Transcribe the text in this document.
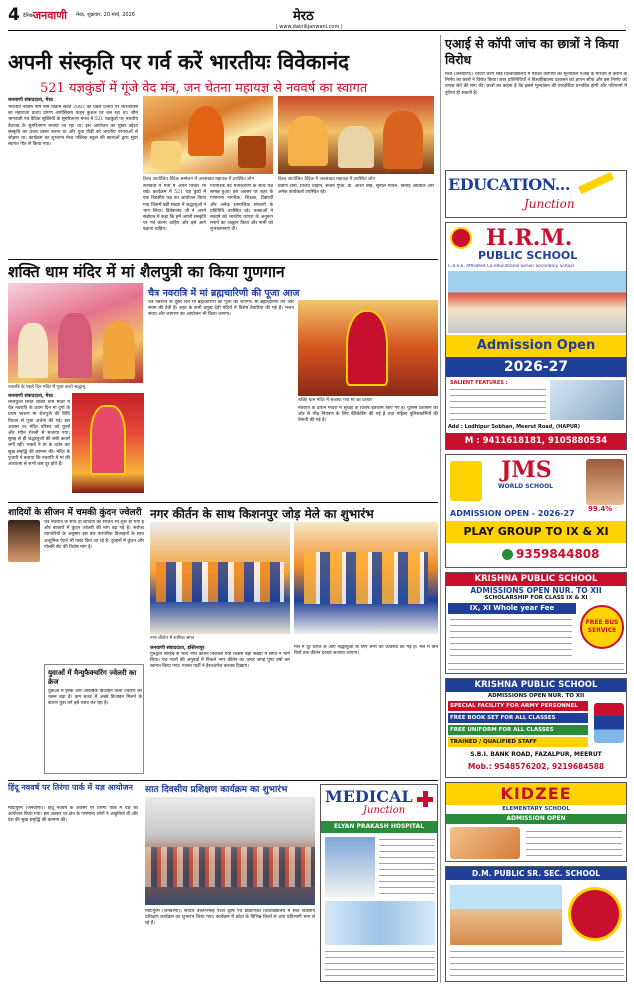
4 दैनिक जनवाणी मेरठ, शुक्रवार, 20 मार्च, 2026	मेरठ
| www.dainikjanwani.com |
अपनी संस्कृति पर गर्व करें भारतीयः विवेकानंद
521 यज्ञकुंडों में गूंजे वेद मंत्र, जन चेतना महायज्ञ से नववर्ष का स्वागत
विश्व आयोजित वैदिक सम्मेलन में जनसंख्या महायज्ञ में उपस्थित लोग	विश्व आयोजित वैदिक में जनसंख्या महायज्ञ में उपस्थित लोग
जनवाणी संवाददाता, मेरठ
भारतीय नववर्ष पौष नाम विक्रम संवत 2083 की प्रबल प्रभात पर भारतवासी का महाराजा प्रताप प्रांगण आर्यसिकय वाहन कुशल घर चल रहा था। श्रीम भागवाती एवं वैदिक सूक्तियों के सुमरितगण मंगल में 521 यज्ञकुंडों पर भारतीय वेदपाठ के सुमरितगण मनाया जा रहा था। इस आयोजन का मुख्य उद्देश्य संस्कृति का प्रचार प्रसार करना था और युवा पीढ़ी को भारतीय परंपराओं से जोड़ना था। कार्यक्रम का शुभारंभ मेरठ पब्लिक स्कूल की छात्राओं द्वारा सुंदर स्वागत गीत से किया गया।
सरस्वती ने मंत्रों में अपने विचार भी रखे। कार्यक्रम में 521 यज्ञ कुंडों में एक दिवसीय यज्ञ का आयोजन किया गया जिसमें बड़ी संख्या में श्रद्धालुओं ने भाग लिया। विवेकानंद जी ने अपने संबोधन में कहा कि हमें अपनी संस्कृति पर गर्व करना चाहिए और इसे आगे बढ़ाना चाहिए।
पारंपरिक वेद मंत्रोच्चारण के साथ यज्ञ सम्पन्न हुआ। इस अवसर पर शहर के गणमान्य नागरिक, शिक्षक, विद्यार्थी और अनेक सामाजिक संगठनों के प्रतिनिधि उपस्थित रहे। वक्ताओं ने नववर्ष को भारतीय परंपरा के अनुरूप मनाने का आह्वान किया और सभी को शुभकामनाएं दीं।
प्रवीण शर्मा, विजय चौहान, संजय गुप्ता, डॉ. आशा सिंह, सुनील गोयल, विनोद अग्रवाल और अनेक कार्यकर्ता उपस्थित रहे।
एआई से कॉपी जांच का छात्रों ने किया विरोध
मेरठ (जनवाणी)। चौधरी चरण सिंह विश्वविद्यालय में परीक्षा कॉपियों का मूल्यांकन एआई के माध्यम से कराने के निर्णय का छात्रों ने विरोध किया। छात्र प्रतिनिधियों ने विश्वविद्यालय प्रशासन को ज्ञापन सौंपा और इस निर्णय को वापस लेने की मांग की। छात्रों का कहना है कि इससे मूल्यांकन की पारदर्शिता प्रभावित होगी और परिणामों में त्रुटियां हो सकती हैं।
EDUCATION...
Junction
H.R.M.
PUBLIC SCHOOL
C.B.S.E. Affiliated Co-educational Senior Secondary School
Admission Open
2026-27
SALIENT FEATURES :
Add : Lodhipur Sobhan, Meerut Road, (HAPUR)
M : 9411618181, 9105880534
JMS
WORLD SCHOOL
99.4%
ADMISSION OPEN - 2026-27
PLAY GROUP TO IX & XI
9359844808
KRISHNA PUBLIC SCHOOL
ADMISSIONS OPEN NUR. TO XII
SCHOLARSHIP FOR CLASS IX & XI
IX, XI Whole year Fee
FREE BUS SERVICE
KRISHNA PUBLIC SCHOOL
ADMISSIONS OPEN NUR. TO XII
SPECIAL FACILITY FOR ARMY PERSONNEL
FREE BOOK SET FOR ALL CLASSES
FREE UNIFORM FOR ALL CLASSES
TRAINED / QUALIFIED STAFF
S.B.I. BANK ROAD, FAZALPUR, MEERUT
Mob.: 9548576202, 9219684588
KIDZEE
ELEMENTARY SCHOOL
ADMISSION OPEN
D.M. PUBLIC SR. SEC. SCHOOL
शक्ति धाम मंदिर में मां शैलपुत्री का किया गुणगान
चैत्र नवरात्रि में मां ब्रह्मचारिणी की पूजा आज
नवरात्रि के पहले दिन मंदिर में पूजा करते श्रद्धालु
शक्ति धाम मंदिर में सजाया गया मां का दरबार
जनवाणी संवाददाता, मेरठ
लालकुर्ती स्थित शक्ति धाम मंदिर में चैत्र नवरात्रि के प्रथम दिन मां दुर्गा के प्रथम स्वरूप मां शैलपुत्री की विधि विधान से पूजा अर्चना की गई। इस अवसर पर मंदिर परिसर को फूलों और रंगीन रोशनी से सजाया गया। सुबह से ही श्रद्धालुओं की लंबी कतारें लगी रहीं। भक्तों ने मां के दर्शन कर सुख समृद्धि की कामना की। मंदिर के पुजारी ने बताया कि नवरात्रि में मां की आराधना से सभी कष्ट दूर होते हैं।
चैत्र नवरात्रि के दूसरे दिन मां ब्रह्मचारिणी की पूजा की जाएगी। मां ब्रह्मचारिणी तप और संयम की देवी हैं। शहर के सभी प्रमुख देवी मंदिरों में विशेष तैयारियां की गई हैं। भजन संध्या और जागरण का आयोजन भी किया जाएगा।
नवरात्रि के दौरान मंदिरों में सुरक्षा के विशेष इंतजाम किए गए हैं। पुलिस प्रशासन की ओर से भीड़ नियंत्रण के लिए बैरिकेडिंग की गई है तथा महिला पुलिसकर्मियों की तैनाती की गई है।
शादियों के सीजन में चमकी कुंदन ज्वेलरी
चैत्र नवरात्रि के साथ ही शादियों का सीजन भी शुरू हो गया है और बाजारों में कुंदन ज्वेलरी की मांग बढ़ गई है। सर्राफा व्यापारियों के अनुसार इस बार पारंपरिक डिजाइनों के साथ आधुनिक पैटर्न भी पसंद किए जा रहे हैं। दुल्हनों में कुंदन और पोल्की सेट की विशेष मांग है।
युवाओं में मैन्युफैक्चरिंग ज्वेलरी का क्रेज
युवाओं में हल्के और आकर्षक डिजाइन वाली ज्वेलरी का चलन बढ़ा है। कम बजट में अच्छे डिजाइन मिलने के कारण युवा वर्ग इसे पसंद कर रहा है।
नगर कीर्तन के साथ किशनपुर जोड़ मेले का शुभारंभ
नगर कीर्तन में शामिल संगत
जनवाणी संवाददाता, हस्तिनापुर
गुरुद्वारा साहिब से भव्य नगर कीर्तन निकाला गया जिसमें बड़ी संख्या में संगत ने भाग लिया। पंच प्यारों की अगुवाई में निकले नगर कीर्तन का जगह जगह पुष्प वर्षा कर स्वागत किया गया। गतका पार्टी ने हैरतअंगेज करतब दिखाए।
मेले में दूर दराज से आए श्रद्धालुओं के लिए लंगर की व्यवस्था की गई है। मेले में तीन दिनों तक कीर्तन दरबार सजाया जाएगा।
हिंदू नववर्ष पर तिरंगा पार्क में यज्ञ आयोजन
मोदीपुरम (जनवाणी)। हिंदू नववर्ष के अवसर पर तिरंगा पार्क में यज्ञ का आयोजन किया गया। इस अवसर पर क्षेत्र के गणमान्य लोगों ने आहुतियां दीं और देश की सुख समृद्धि की कामना की।
सात दिवसीय प्रशिक्षण कार्यक्रम का शुभारंभ
मोदीपुरम (जनवाणी)। सरदार वल्लभभाई पटेल कृषि एवं प्रौद्योगिकी विश्वविद्यालय में सात दिवसीय प्रशिक्षण कार्यक्रम का शुभारंभ किया गया। कार्यक्रम में प्रदेश के विभिन्न जिलों से आए प्रतिभागी भाग ले रहे हैं।
MEDICAL
Junction
ELYAN PRAKASH HOSPITAL
